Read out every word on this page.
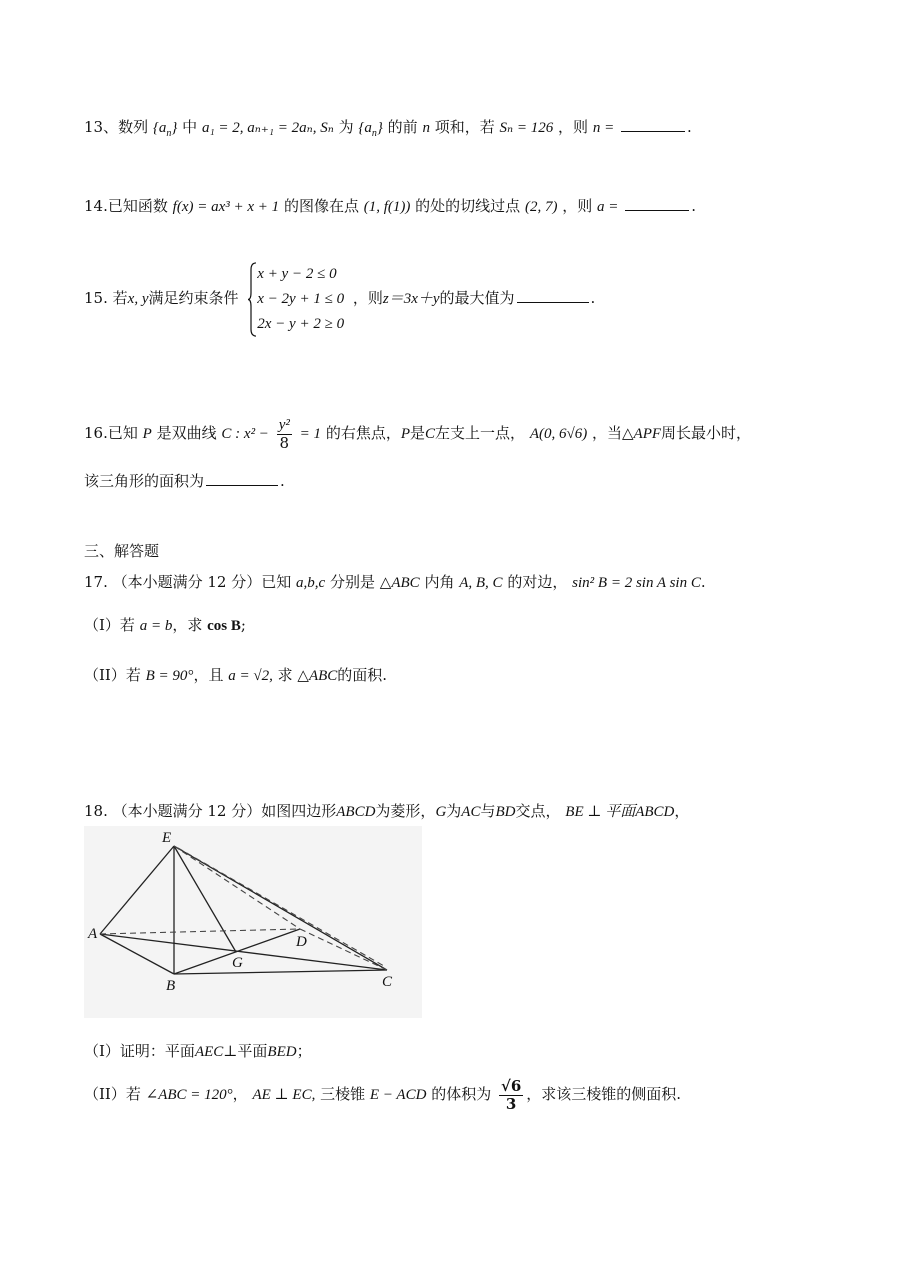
13、数列 $\{a_n\}$ 中 a₁ = 2, aₙ₊₁ = 2aₙ, Sₙ 为 $\{a_n\}$ 的前 n 项和，若 Sₙ = 126 ，则 n =	.
14.已知函数 f(x) = ax³ + x + 1 的图像在点 (1, f(1)) 的处的切线过点 (2, 7) ，则 a =	.
15. 若x, y满足约束条件
x + y − 2 ≤ 0
x − 2y + 1 ≤ 0
2x − y + 2 ≥ 0
，则z＝3x＋y的最大值为	.
16.已知 P 是双曲线 C : $x^2 - \frac{\text{y²}}{8} = 1$ 的右焦点，P是C左支上一点， A(0, 6√6) ，当△APF周长最小时，
该三角形的面积为	.
三、解答题
17. （本小题满分 12 分）已知 a,b,c 分别是 △ABC 内角 A, B, C 的对边， sin² B = 2 sin A sin C.
（I）若 a = b，求 cos B;
（II）若 B = 90°，且 a = √2, 求 △ABC的面积.
18. （本小题满分 12 分）如图四边形ABCD为菱形，G为AC与BD交点， BE ⊥ 平面ABCD，
E
A	D
G
B	C
（I）证明：平面AEC⊥平面BED；
（II）若 ∠ABC = 120°， AE ⊥ EC, 三棱锥 E − ACD 的体积为 $\frac{√6}{3}$ ，求该三棱锥的侧面积.
